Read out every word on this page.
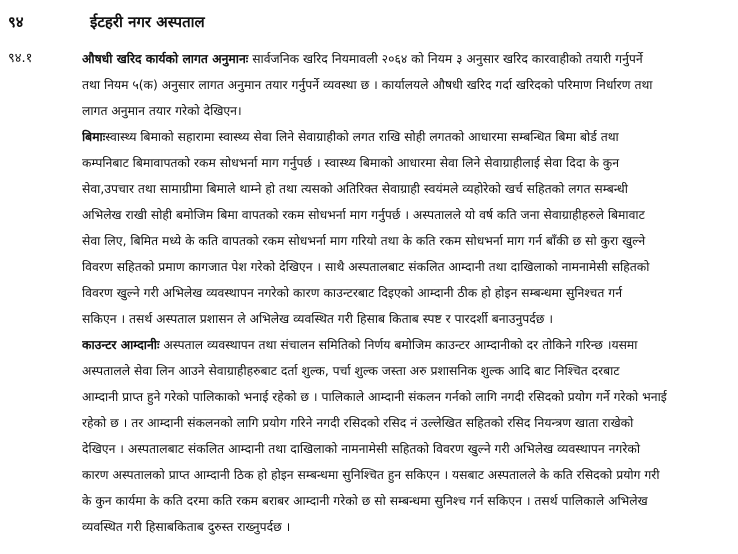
९४	ईटहरी नगर अस्पताल
९४.१	औषधी खरिद कार्यको लागत अनुमानः सार्वजनिक खरिद नियमावली २०६४ को नियम ३ अनुसार खरिद कारवाहीको तयारी गर्नुपर्ने
तथा नियम ५(क) अनुसार लागत अनुमान तयार गर्नुपर्ने व्यवस्था छ । कार्यालयले औषधी खरिद गर्दा खरिदको परिमाण निर्धारण तथा
लागत अनुमान तयार गरेको देखिएन।
बिमाःस्वास्थ्य बिमाको सहारामा स्वास्थ्य सेवा लिने सेवाग्राहीको लगत राखि सोही लगतको आधारमा सम्बन्धित बिमा बोर्ड तथा
कम्पनिबाट बिमावापतको रकम सोधभर्ना माग गर्नुपर्छ । स्वास्थ्य बिमाको आधारमा सेवा लिने सेवाग्राहीलाई सेवा दिदा के कुन
सेवा,उपचार तथा सामाग्रीमा बिमाले थाम्ने हो तथा त्यसको अतिरिक्त सेवाग्राही स्वयंमले व्यहोरेको खर्च सहितको लगत सम्बन्धी
अभिलेख राखी सोही बमोजिम बिमा वापतको रकम सोधभर्ना माग गर्नुपर्छ । अस्पतालले यो वर्ष कति जना सेवाग्राहीहरुले बिमावाट
सेवा लिए, बिमित मध्ये के कति वापतको रकम सोधभर्ना माग गरियो तथा के कति रकम सोधभर्ना माग गर्न बाँकी छ सो कुरा खुल्ने
विवरण सहितको प्रमाण कागजात पेश गरेको देखिएन । साथै अस्पतालबाट संकलित आम्दानी तथा दाखिलाको नामनामेसी सहितको
विवरण खुल्ने गरी अभिलेख व्यवस्थापन नगरेको कारण काउन्टरबाट दिइएको आम्दानी ठीक हो होइन सम्बन्धमा सुनिश्चत गर्न
सकिएन । तसर्थ अस्पताल प्रशासन ले अभिलेख व्यवस्थित गरी हिसाब किताब स्पष्ट र पारदर्शी बनाउनुपर्दछ ।
काउन्टर आम्दानीः अस्पताल व्यवस्थापन तथा संचालन समितिको निर्णय बमोजिम काउन्टर आम्दानीको दर तोकिने गरिन्छ ।यसमा
अस्पतालले सेवा लिन आउने सेवाग्राहीहरुबाट दर्ता शुल्क, पर्चा शुल्क जस्ता अरु प्रशासनिक शुल्क आदि बाट निश्चित दरबाट
आम्दानी प्राप्त हुने गरेको पालिकाको भनाई रहेको छ । पालिकाले आम्दानी संकलन गर्नको लागि नगदी रसिदको प्रयोग गर्ने गरेको भनाई
रहेको छ । तर आम्दानी संकलनको लागि प्रयोग गरिने नगदी रसिदको रसिद नं उल्लेखित सहितको रसिद नियन्त्रण खाता राखेको
देखिएन । अस्पतालबाट संकलित आम्दानी तथा दाखिलाको नामनामेसी सहितको विवरण खुल्ने गरी अभिलेख व्यवस्थापन नगरेको
कारण अस्पतालको प्राप्त आम्दानी ठिक हो होइन सम्बन्धमा सुनिश्चित हुन सकिएन । यसबाट अस्पतालले के कति रसिदको प्रयोग गरी
के कुन कार्यमा के कति दरमा कति रकम बराबर आम्दानी गरेको छ सो सम्बन्धमा सुनिश्च गर्न सकिएन । तसर्थ पालिकाले अभिलेख
व्यवस्थित गरी हिसाबकिताब दुरुस्त राख्नुपर्दछ ।
